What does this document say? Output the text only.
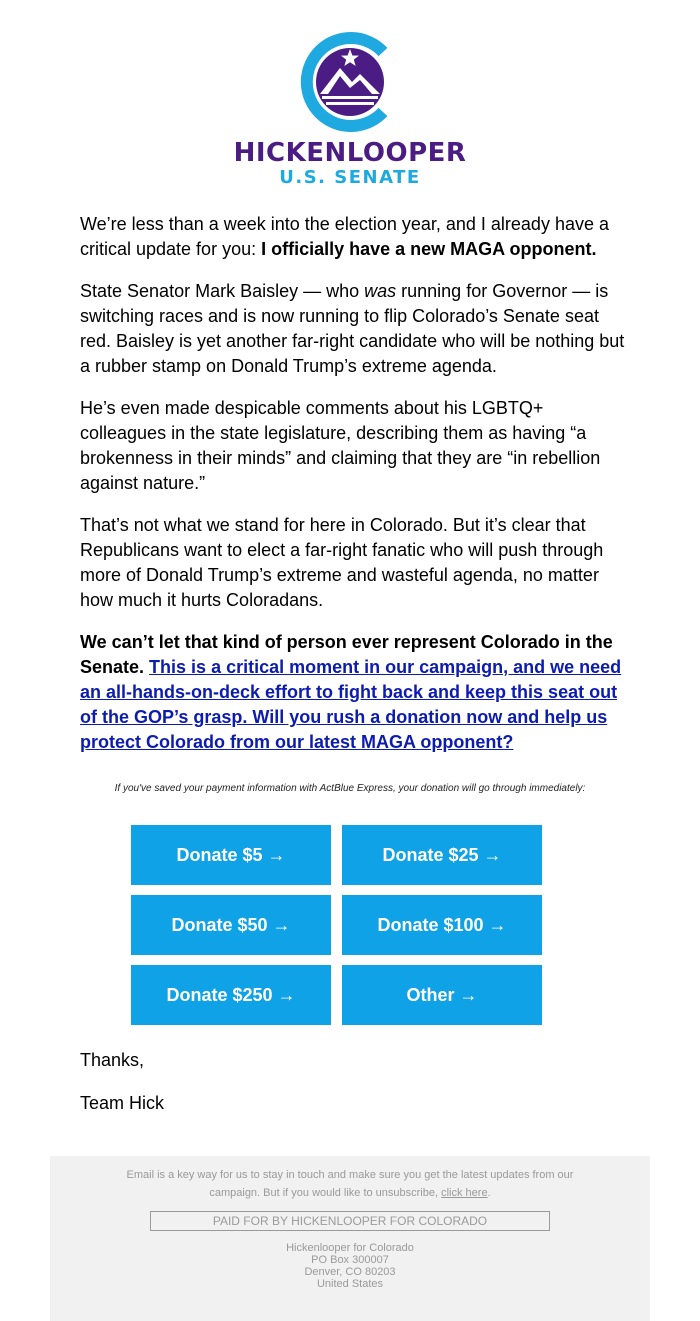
HICKENLOOPER
U.S. SENATE

We’re less than a week into the election year, and I already have a critical update for you: I officially have a new MAGA opponent.

State Senator Mark Baisley — who was running for Governor — is switching races and is now running to flip Colorado’s Senate seat red. Baisley is yet another far-right candidate who will be nothing but a rubber stamp on Donald Trump’s extreme agenda.

He’s even made despicable comments about his LGBTQ+ colleagues in the state legislature, describing them as having “a brokenness in their minds” and claiming that they are “in rebellion against nature.”

That’s not what we stand for here in Colorado. But it’s clear that Republicans want to elect a far-right fanatic who will push through more of Donald Trump’s extreme and wasteful agenda, no matter how much it hurts Coloradans.

We can’t let that kind of person ever represent Colorado in the Senate. This is a critical moment in our campaign, and we need an all-hands-on-deck effort to fight back and keep this seat out of the GOP’s grasp. Will you rush a donation now and help us protect Colorado from our latest MAGA opponent?

If you've saved your payment information with ActBlue Express, your donation will go through immediately:
Donate $5 →	Donate $25 →
Donate $50 →	Donate $100 →
Donate $250 →	Other →
Thanks,
Team Hick
Email is a key way for us to stay in touch and make sure you get the latest updates from our campaign. But if you would like to unsubscribe, click here.
PAID FOR BY HICKENLOOPER FOR COLORADO
Hickenlooper for Colorado
PO Box 300007
Denver, CO 80203
United States
